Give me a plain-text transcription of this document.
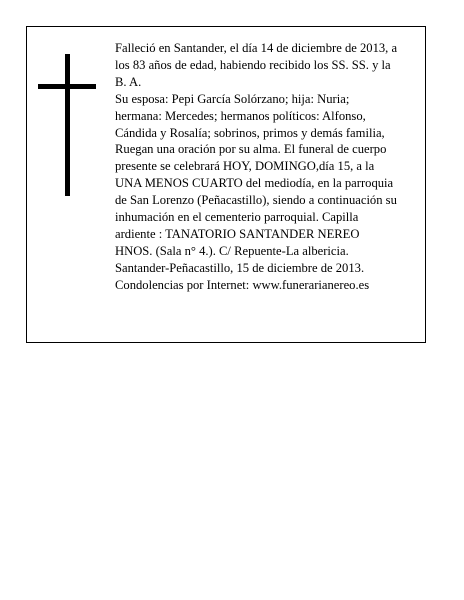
Falleció en Santander, el día 14 de diciembre de 2013, a
los 83 años de edad, habiendo recibido los SS. SS. y la
B. A.
Su esposa: Pepi García Solórzano; hija: Nuria;
hermana: Mercedes; hermanos políticos: Alfonso,
Cándida y Rosalía; sobrinos, primos y demás familia,
Ruegan una oración por su alma. El funeral de cuerpo
presente se celebrará HOY, DOMINGO,día 15, a la
UNA MENOS CUARTO del mediodía, en la parroquia
de San Lorenzo (Peñacastillo), siendo a continuación su
inhumación en el cementerio parroquial. Capilla
ardiente : TANATORIO SANTANDER NEREO
HNOS. (Sala n° 4.). C/ Repuente-La albericia.
Santander-Peñacastillo, 15 de diciembre de 2013.
Condolencias por Internet: www.funerarianereo.es
